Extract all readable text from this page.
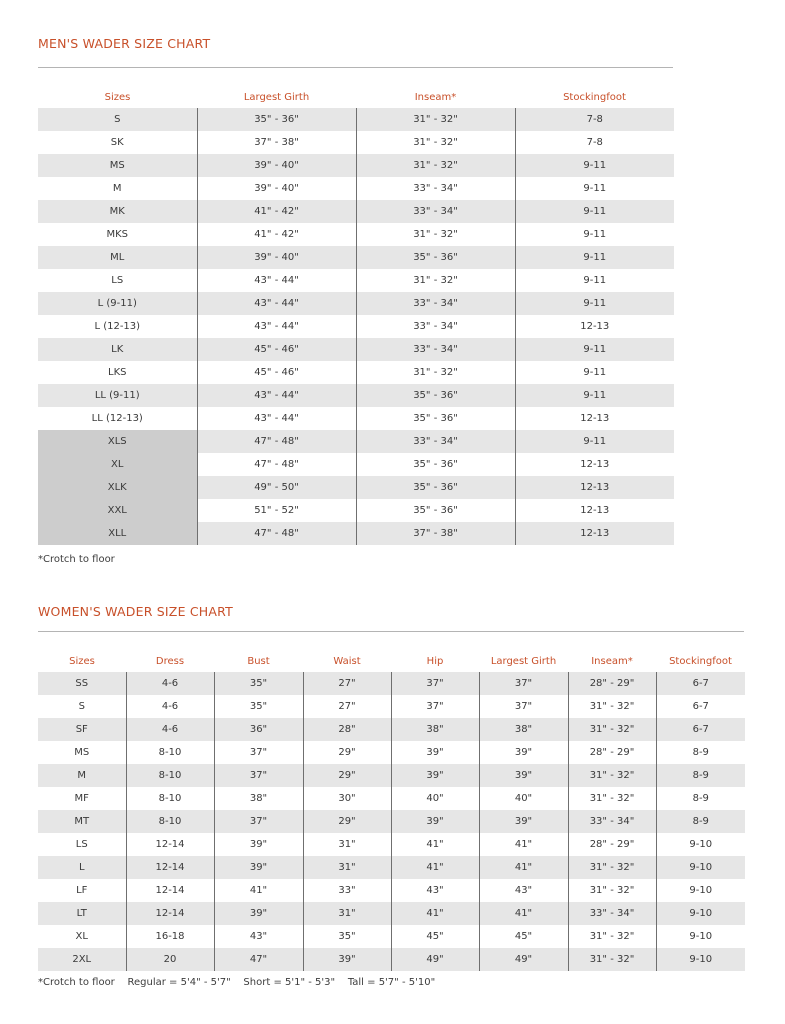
MEN'S WADER SIZE CHART
Sizes	Largest Girth	Inseam*	Stockingfoot
S	35" - 36"	31" - 32"	7-8
SK	37" - 38"	31" - 32"	7-8
MS	39" - 40"	31" - 32"	9-11
M	39" - 40"	33" - 34"	9-11
MK	41" - 42"	33" - 34"	9-11
MKS	41" - 42"	31" - 32"	9-11
ML	39" - 40"	35" - 36"	9-11
LS	43" - 44"	31" - 32"	9-11
L (9-11)	43" - 44"	33" - 34"	9-11
L (12-13)	43" - 44"	33" - 34"	12-13
LK	45" - 46"	33" - 34"	9-11
LKS	45" - 46"	31" - 32"	9-11
LL (9-11)	43" - 44"	35" - 36"	9-11
LL (12-13)	43" - 44"	35" - 36"	12-13
XLS	47" - 48"	33" - 34"	9-11
XL	47" - 48"	35" - 36"	12-13
XLK	49" - 50"	35" - 36"	12-13
XXL	51" - 52"	35" - 36"	12-13
XLL	47" - 48"	37" - 38"	12-13
*Crotch to floor
WOMEN'S WADER SIZE CHART
Sizes	Dress	Bust	Waist	Hip	Largest Girth	Inseam*	Stockingfoot
SS	4-6	35"	27"	37"	37"	28" - 29"	6-7
S	4-6	35"	27"	37"	37"	31" - 32"	6-7
SF	4-6	36"	28"	38"	38"	31" - 32"	6-7
MS	8-10	37"	29"	39"	39"	28" - 29"	8-9
M	8-10	37"	29"	39"	39"	31" - 32"	8-9
MF	8-10	38"	30"	40"	40"	31" - 32"	8-9
MT	8-10	37"	29"	39"	39"	33" - 34"	8-9
LS	12-14	39"	31"	41"	41"	28" - 29"	9-10
L	12-14	39"	31"	41"	41"	31" - 32"	9-10
LF	12-14	41"	33"	43"	43"	31" - 32"	9-10
LT	12-14	39"	31"	41"	41"	33" - 34"	9-10
XL	16-18	43"	35"	45"	45"	31" - 32"	9-10
2XL	20	47"	39"	49"	49"	31" - 32"	9-10
*Crotch to floor    Regular = 5'4" - 5'7"    Short = 5'1" - 5'3"    Tall = 5'7" - 5'10"
